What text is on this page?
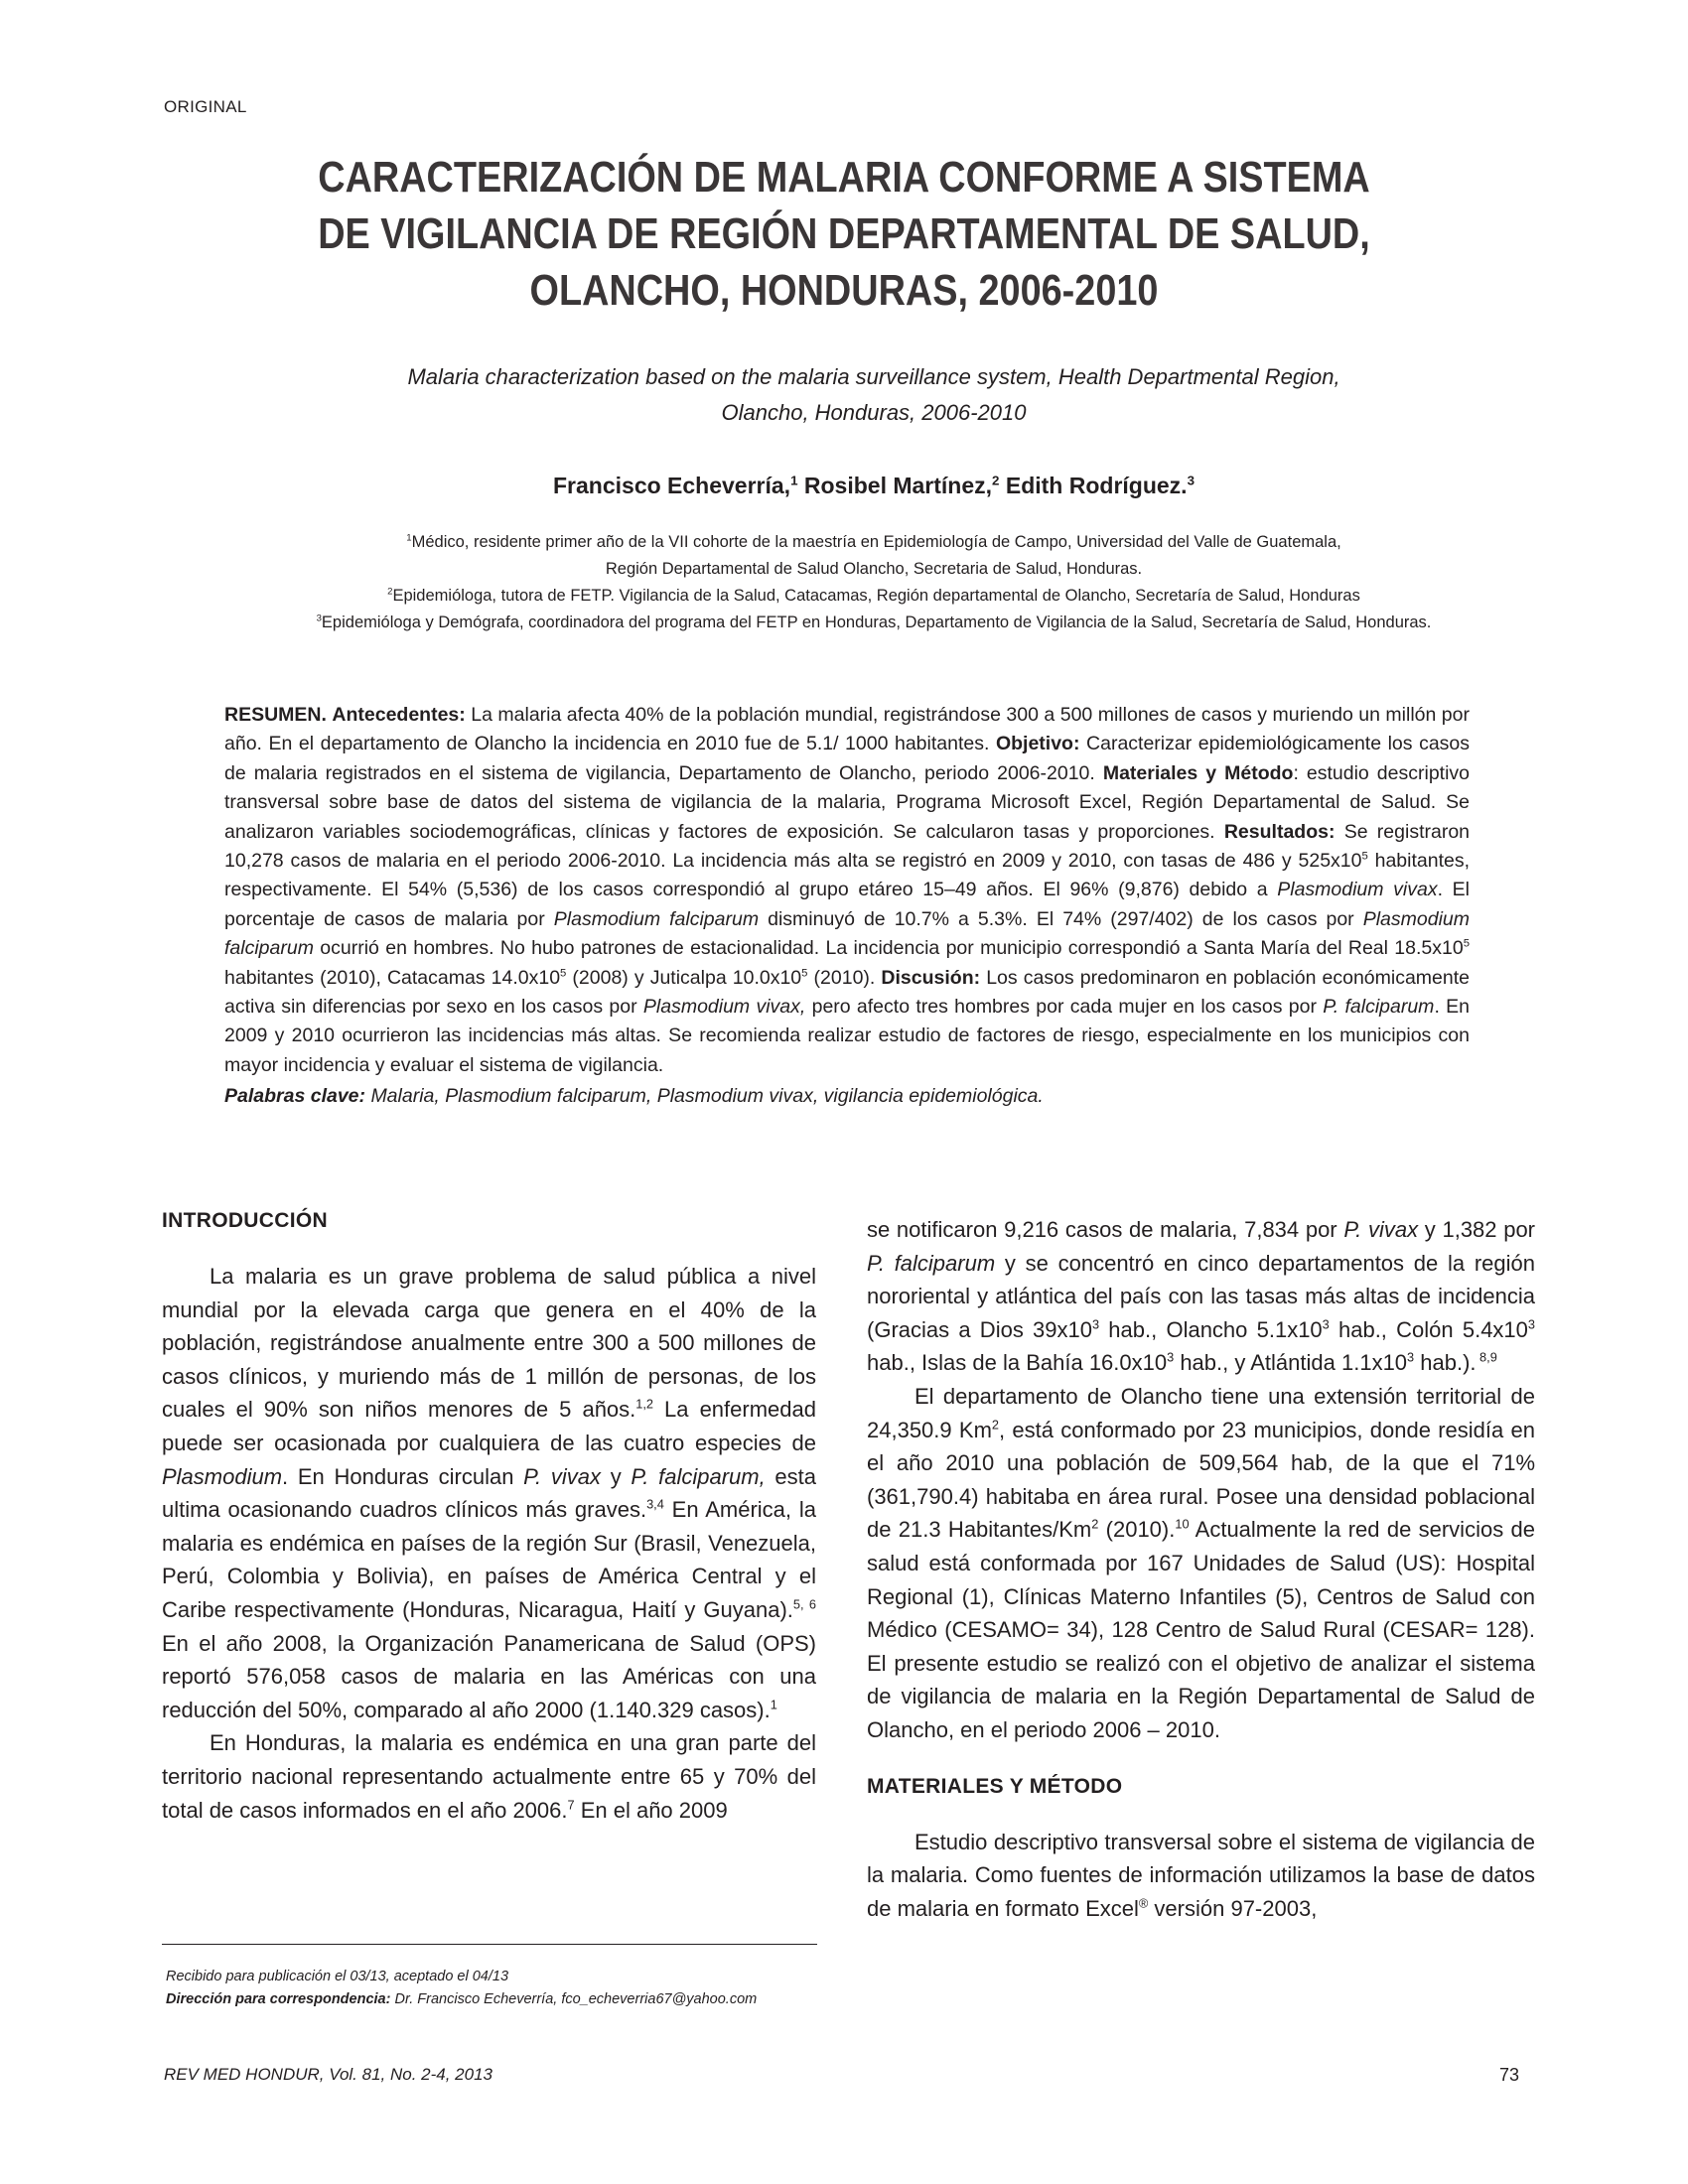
ORIGINAL
CARACTERIZACIÓN DE MALARIA CONFORME A SISTEMA
DE VIGILANCIA DE REGIÓN DEPARTAMENTAL DE SALUD,
OLANCHO, HONDURAS, 2006-2010
Malaria characterization based on the malaria surveillance system, Health Departmental Region,
Olancho, Honduras, 2006-2010
Francisco Echeverría,$^1$ Rosibel Martínez,$^2$ Edith Rodríguez.$^3$
$^1$Médico, residente primer año de la VII cohorte de la maestría en Epidemiología de Campo, Universidad del Valle de Guatemala,
Región Departamental de Salud Olancho, Secretaria de Salud, Honduras.
$^2$Epidemióloga, tutora de FETP. Vigilancia de la Salud, Catacamas, Región departamental de Olancho, Secretaría de Salud, Honduras
$^3$Epidemióloga y Demógrafa, coordinadora del programa del FETP en Honduras, Departamento de Vigilancia de la Salud, Secretaría de Salud, Honduras.

RESUMEN. Antecedentes: La malaria afecta 40% de la población mundial, registrándose 300 a 500 millones de casos y muriendo un millón por año. En el departamento de Olancho la incidencia en 2010 fue de 5.1/ 1000 habitantes. Objetivo: Caracterizar epidemiológicamente los casos de malaria registrados en el sistema de vigilancia, Departamento de Olancho, periodo 2006-2010. Materiales y Método: estudio descriptivo transversal sobre base de datos del sistema de vigilancia de la malaria, Programa Microsoft Excel, Región Departamental de Salud. Se analizaron variables sociodemográficas, clínicas y factores de exposición. Se calcularon tasas y proporciones. Resultados: Se registraron 10,278 casos de malaria en el periodo 2006-2010. La incidencia más alta se registró en 2009 y 2010, con tasas de 486 y $525x10^5$ habitantes, respectivamente. El 54% (5,536) de los casos correspondió al grupo etáreo 15–49 años. El 96% (9,876) debido a Plasmodium vivax. El porcentaje de casos de malaria por Plasmodium falciparum disminuyó de 10.7% a 5.3%. El 74% (297/402) de los casos por Plasmodium falciparum ocurrió en hombres. No hubo patrones de estacionalidad. La incidencia por municipio correspondió a Santa María del Real $18.5x10^5$ habitantes (2010), Catacamas $14.0x10^5$ (2008) y Juticalpa $10.0x10^5$ (2010). Discusión: Los casos predominaron en población económicamente activa sin diferencias por sexo en los casos por Plasmodium vivax, pero afecto tres hombres por cada mujer en los casos por P. falciparum. En 2009 y 2010 ocurrieron las incidencias más altas. Se recomienda realizar estudio de factores de riesgo, especialmente en los municipios con mayor incidencia y evaluar el sistema de vigilancia.

Palabras clave: Malaria, Plasmodium falciparum, Plasmodium vivax, vigilancia epidemiológica.

INTRODUCCIÓN

La malaria es un grave problema de salud pública a nivel mundial por la elevada carga que genera en el 40% de la población, registrándose anualmente entre 300 a 500 millones de casos clínicos, y muriendo más de 1 millón de personas, de los cuales el 90% son niños menores de 5 años.$^{1,2}$ La enfermedad puede ser ocasionada por cualquiera de las cuatro especies de Plasmodium. En Honduras circulan P. vivax y P. falciparum, esta ultima ocasionando cuadros clínicos más graves.$^{3,4}$ En América, la malaria es endémica en países de la región Sur (Brasil, Venezuela, Perú, Colombia y Bolivia), en países de América Central y el Caribe respectivamente (Honduras, Nicaragua, Haití y Guyana).$^{5, 6}$ En el año 2008, la Organización Panamericana de Salud (OPS) reportó 576,058 casos de malaria en las Américas con una reducción del 50%, comparado al año 2000 (1.140.329 casos).$^1$

En Honduras, la malaria es endémica en una gran parte del territorio nacional representando actualmente entre 65 y 70% del total de casos informados en el año 2006.$^7$ En el año 2009

se notificaron 9,216 casos de malaria, 7,834 por P. vivax y 1,382 por P. falciparum y se concentró en cinco departamentos de la región nororiental y atlántica del país con las tasas más altas de incidencia (Gracias a Dios $39x10^3$ hab., Olancho $5.1x10^3$ hab., Colón $5.4x10^3$ hab., Islas de la Bahía $16.0x10^3$ hab., y Atlántida $1.1x10^3$ hab.). $^{8,9}$

El departamento de Olancho tiene una extensión territorial de 24,350.9 Km$^2$, está conformado por 23 municipios, donde residía en el año 2010 una población de 509,564 hab, de la que el 71% (361,790.4) habitaba en área rural. Posee una densidad poblacional de 21.3 Habitantes/Km$^2$ (2010).$^{10}$ Actualmente la red de servicios de salud está conformada por 167 Unidades de Salud (US): Hospital Regional (1), Clínicas Materno Infantiles (5), Centros de Salud con Médico (CESAMO= 34), 128 Centro de Salud Rural (CESAR= 128). El presente estudio se realizó con el objetivo de analizar el sistema de vigilancia de malaria en la Región Departamental de Salud de Olancho, en el periodo 2006 – 2010.

MATERIALES Y MÉTODO

Estudio descriptivo transversal sobre el sistema de vigilancia de la malaria. Como fuentes de información utilizamos la base de datos de malaria en formato Excel® versión 97-2003,

Recibido para publicación el 03/13, aceptado el 04/13
Dirección para correspondencia: Dr. Francisco Echeverría, fco_echeverria67@yahoo.com
REV MED HONDUR, Vol. 81, No. 2-4, 2013	73
